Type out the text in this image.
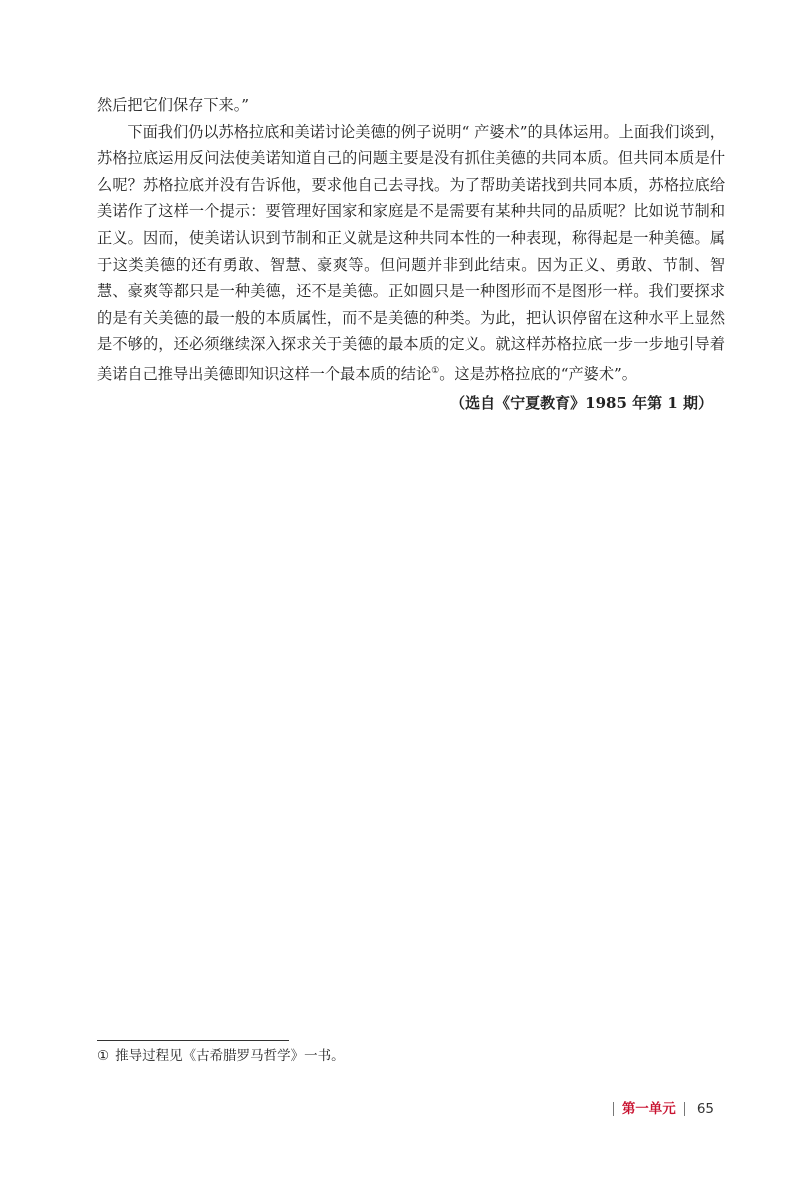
然后把它们保存下来。”

下面我们仍以苏格拉底和美诺讨论美德的例子说明“ 产婆术”的具体运用。上面我们谈到，苏格拉底运用反问法使美诺知道自己的问题主要是没有抓住美德的共同本质。但共同本质是什么呢？苏格拉底并没有告诉他，要求他自己去寻找。为了帮助美诺找到共同本质，苏格拉底给美诺作了这样一个提示：要管理好国家和家庭是不是需要有某种共同的品质呢？比如说节制和正义。因而，使美诺认识到节制和正义就是这种共同本性的一种表现，称得起是一种美德。属于这类美德的还有勇敢、智慧、豪爽等。但问题并非到此结束。因为正义、勇敢、节制、智慧、豪爽等都只是一种美德，还不是美德。正如圆只是一种图形而不是图形一样。我们要探求的是有关美德的最一般的本质属性，而不是美德的种类。为此，把认识停留在这种水平上显然是不够的，还必须继续深入探求关于美德的最本质的定义。就这样苏格拉底一步一步地引导着美诺自己推导出美德即知识这样一个最本质的结论①。这是苏格拉底的“产婆术”。

（选自《宁夏教育》1985 年第 1 期）

① 推导过程见《古希腊罗马哲学》一书。
第一单元	65
